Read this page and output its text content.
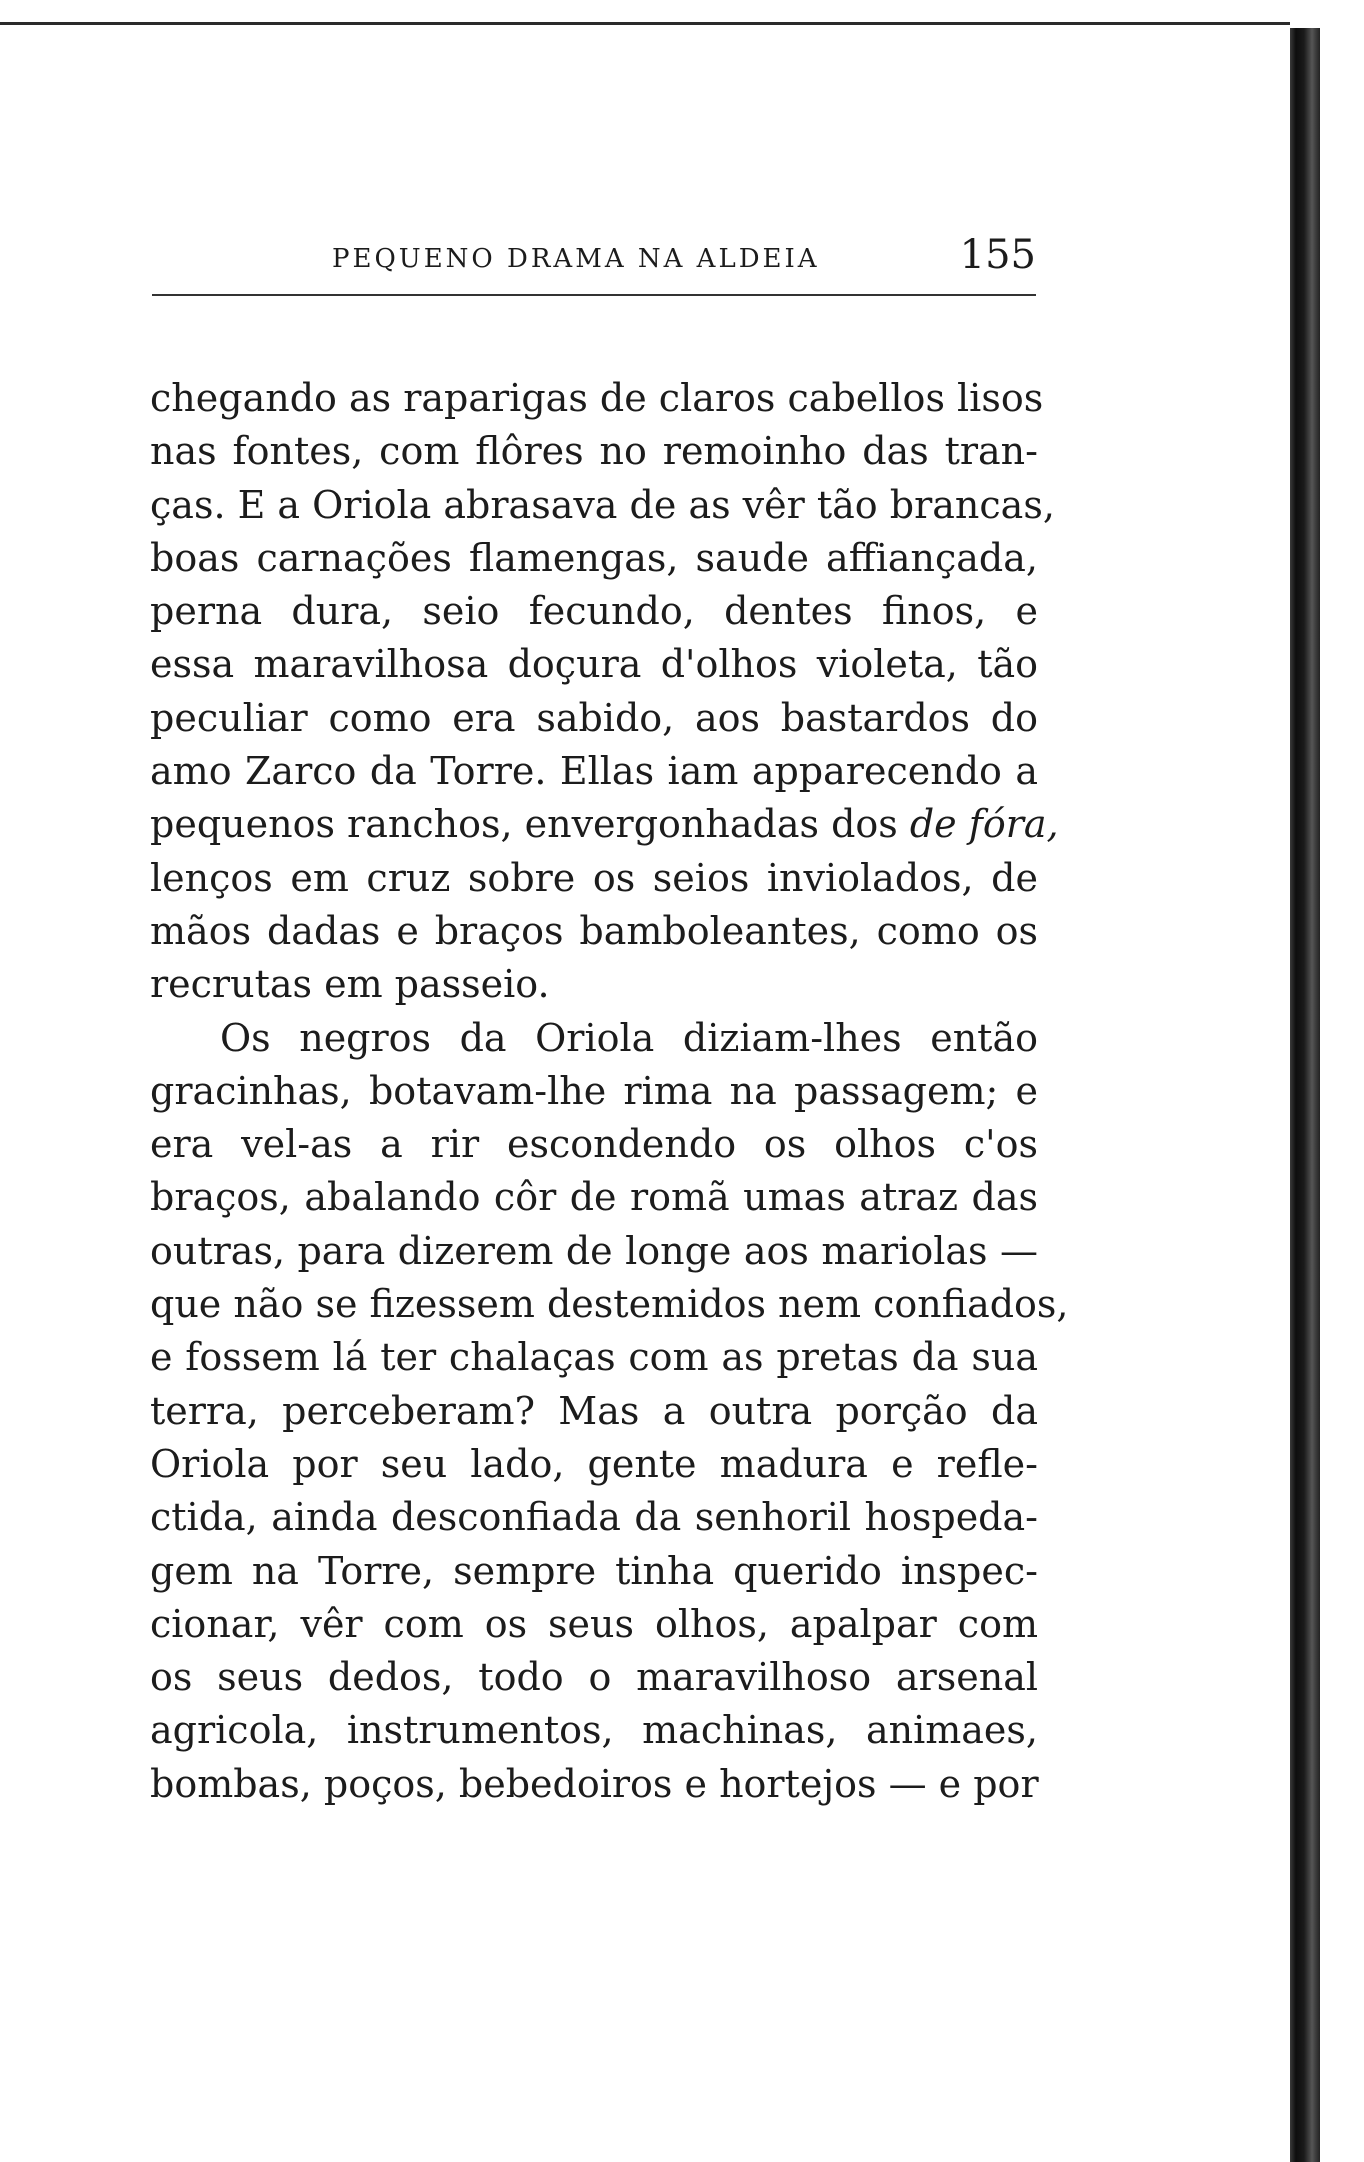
PEQUENO DRAMA NA ALDEIA	155
chegando as raparigas de claros cabellos lisos
nas fontes, com flôres no remoinho das tran-
ças. E a Oriola abrasava de as vêr tão brancas,
boas carnações flamengas, saude affiançada,
perna dura, seio fecundo, dentes finos, e
essa maravilhosa doçura d'olhos violeta, tão
peculiar como era sabido, aos bastardos do
amo Zarco da Torre. Ellas iam apparecendo a
pequenos ranchos, envergonhadas dos de fóra,
lenços em cruz sobre os seios inviolados, de
mãos dadas e braços bamboleantes, como os
recrutas em passeio.
Os negros da Oriola diziam-lhes então
gracinhas, botavam-lhe rima na passagem; e
era vel-as a rir escondendo os olhos c'os
braços, abalando côr de romã umas atraz das
outras, para dizerem de longe aos mariolas —
que não se fizessem destemidos nem confiados,
e fossem lá ter chalaças com as pretas da sua
terra, perceberam? Mas a outra porção da
Oriola por seu lado, gente madura e refle-
ctida, ainda desconfiada da senhoril hospeda-
gem na Torre, sempre tinha querido inspec-
cionar, vêr com os seus olhos, apalpar com
os seus dedos, todo o maravilhoso arsenal
agricola, instrumentos, machinas, animaes,
bombas, poços, bebedoiros e hortejos — e por
